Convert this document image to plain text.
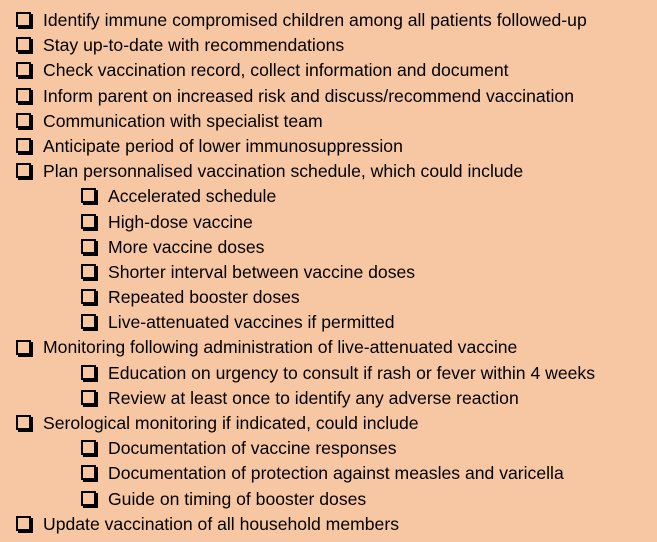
Identify immune compromised children among all patients followed-up
Stay up-to-date with recommendations
Check vaccination record, collect information and document
Inform parent on increased risk and discuss/recommend vaccination
Communication with specialist team
Anticipate period of lower immunosuppression
Plan personnalised vaccination schedule, which could include
Accelerated schedule
High-dose vaccine
More vaccine doses
Shorter interval between vaccine doses
Repeated booster doses
Live-attenuated vaccines if permitted
Monitoring following administration of live-attenuated vaccine
Education on urgency to consult if rash or fever within 4 weeks
Review at least once to identify any adverse reaction
Serological monitoring if indicated, could include
Documentation of vaccine responses
Documentation of protection against measles and varicella
Guide on timing of booster doses
Update vaccination of all household members
